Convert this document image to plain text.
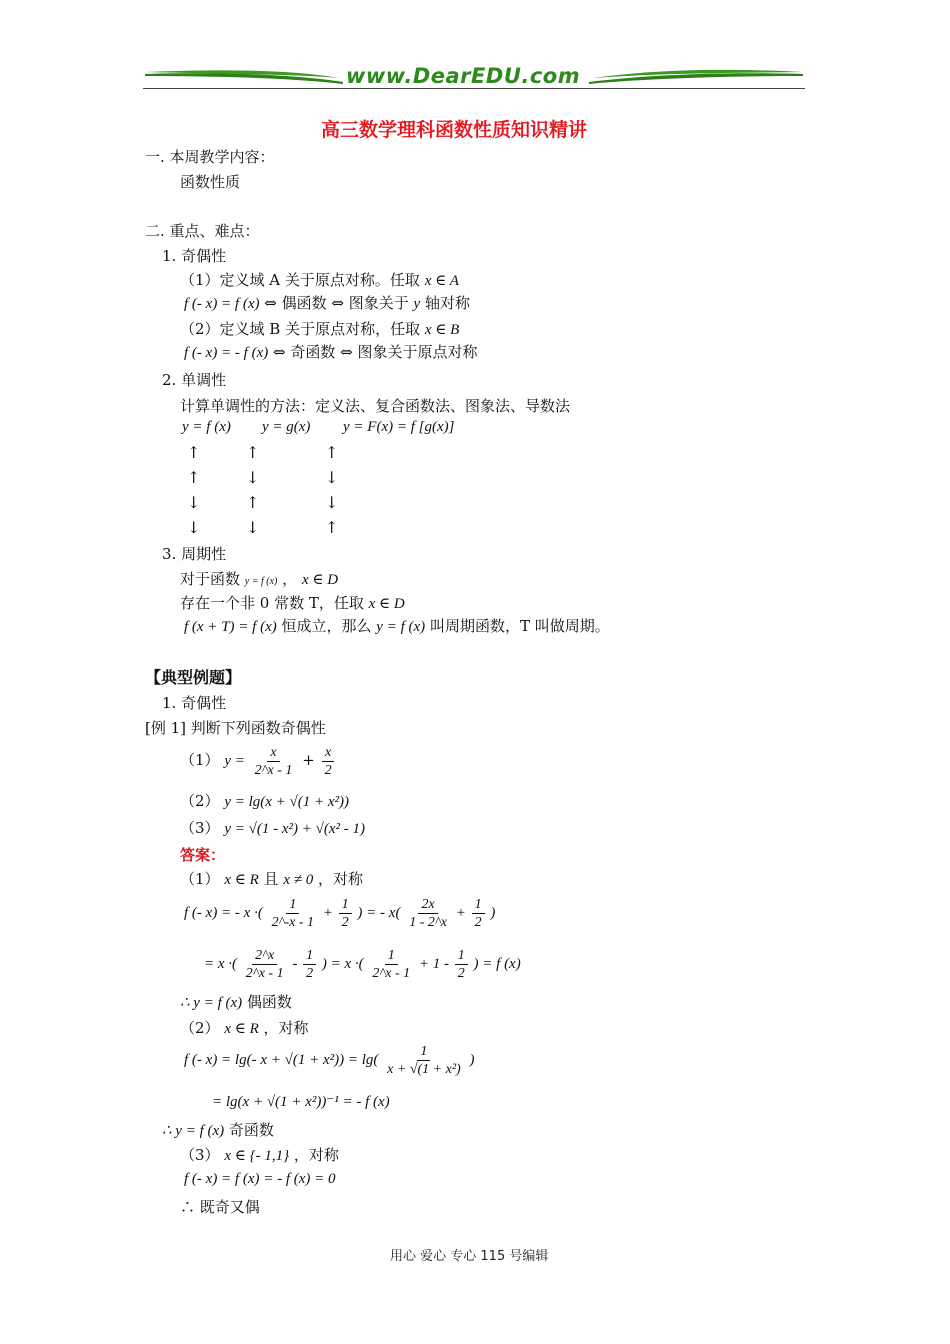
www.DearEDU.com
高三数学理科函数性质知识精讲
一. 本周教学内容：
函数性质
二. 重点、难点：
1. 奇偶性
（1）定义域 A 关于原点对称。任取 x ∈ A
f (- x) = f (x) ⇔ 偶函数 ⇔ 图象关于 y 轴对称
（2）定义域 B 关于原点对称，任取 x ∈ B
f (- x) = - f (x) ⇔ 奇函数 ⇔ 图象关于原点对称
2. 单调性
计算单调性的方法：定义法、复合函数法、图象法、导数法
y = f (x) y = g(x) y = F(x) = f [g(x)]
↑	↑	↑
↑	↓	↓
↓	↑	↓
↓	↓	↑
3. 周期性
对于函数 y = f (x) ， x ∈ D
存在一个非 0 常数 T，任取 x ∈ D
f (x + T) = f (x) 恒成立，那么 y = f (x) 叫周期函数，T 叫做周期。
【典型例题】
1. 奇偶性
[例 1] 判断下列函数奇偶性
（1） $y = \frac{x}{2\^{}x - 1} + \frac{x}{2}$
（2） y = lg(x + √(1 + x²))
（3） y = √(1 - x²) + √(x² - 1)
答案：
（1） x ∈ R 且 x ≠ 0 ，对称
f (- x) = - x ·( $\frac{1}{2\^{}-x - 1} + \frac{1}{2}$ ) = - $x( \frac{2x}{1 - 2\^{}x} + \frac{1}{2}$ )
= x ·( $\frac{2\^{}x}{2\^{}x - 1} - \frac{1}{2}$ ) = x ·( $\frac{1}{2\^{}x - 1} + 1 - \frac{1}{2}$ ) = f (x)
∴ y = f (x) 偶函数
（2） x ∈ R ，对称
f (- x) = lg(- $x + √(1 + x^2)) = \lg( \frac{1}{\text{x + √(1 + x²)}}$ )
= lg(x + √(1 + x²))⁻¹ = - f (x)
∴ y = f (x) 奇函数
（3） x ∈ {- 1,1} ，对称
f (- x) = f (x) = - f (x) = 0
∴ 既奇又偶
用心 爱心 专心 115 号编辑
